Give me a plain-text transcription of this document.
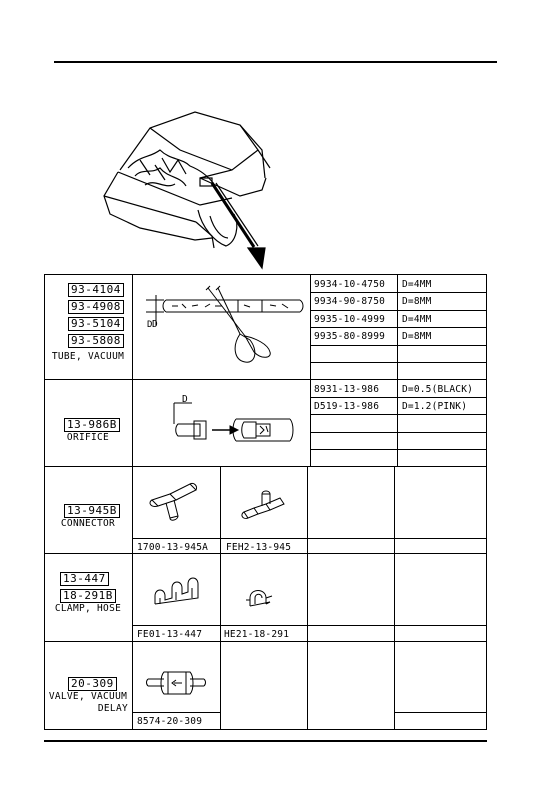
93-4104
93-4908
93-5104
93-5808
TUBE, VACUUM
9934-10-4750 D=4MM
9934-90-8750 D=8MM
9935-10-4999 D=4MM
9935-80-8999 D=8MM
D D
13-986B
ORIFICE
8931-13-986 D=0.5(BLACK)
D519-13-986 D=1.2(PINK)
D
13-945B
CONNECTOR
1700-13-945A FEH2-13-945
13-447
18-291B
CLAMP, HOSE
FE01-13-447 HE21-18-291
20-309
VALVE, VACUUM
DELAY
8574-20-309
